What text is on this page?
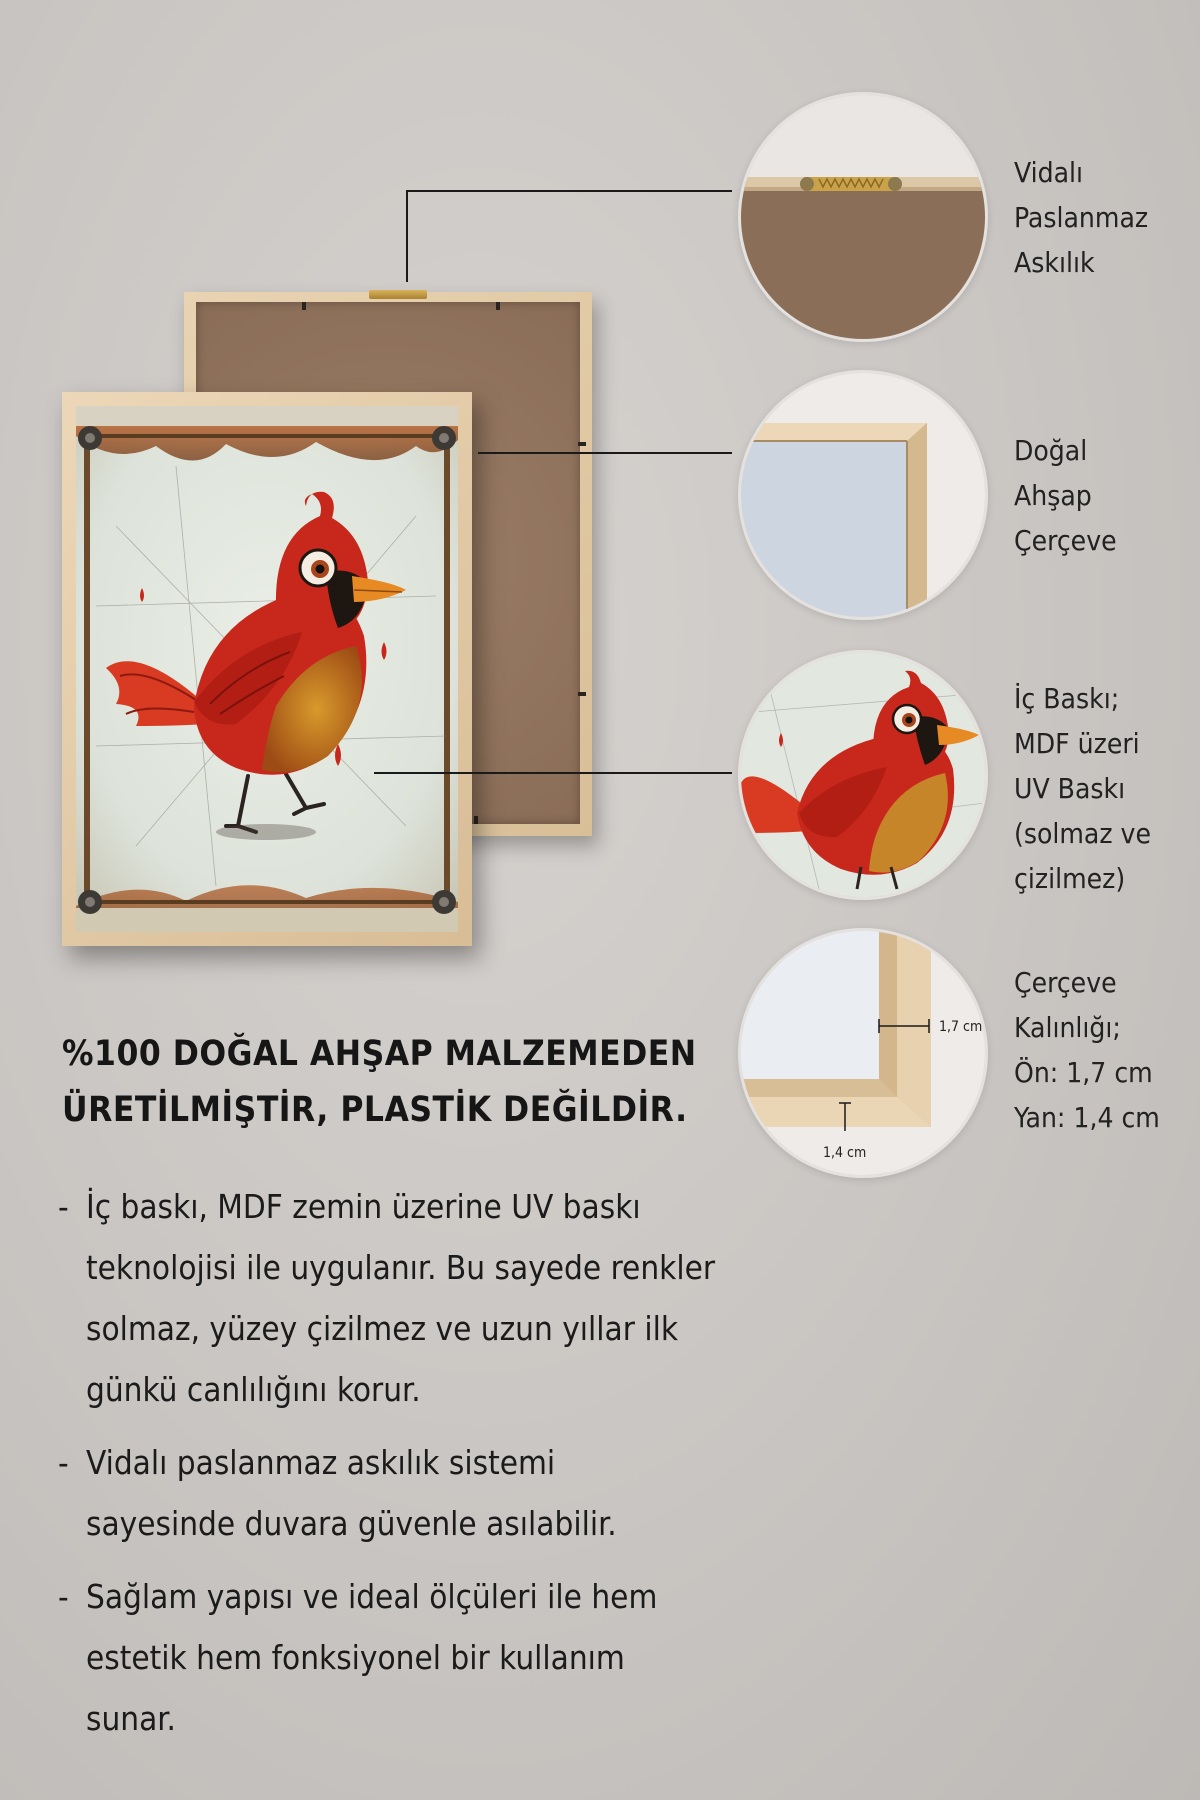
Vidalı
Paslanmaz
Askılık
Doğal
Ahşap
Çerçeve
İç Baskı;
MDF üzeri
UV Baskı
(solmaz ve
çizilmez)
1,7 cm
1,4 cm
Çerçeve
Kalınlığı;
Ön: 1,7 cm
Yan: 1,4 cm
%100 DOĞAL AHŞAP MALZEMEDEN
ÜRETİLMİŞTİR, PLASTİK DEĞİLDİR.
- İç baskı, MDF zemin üzerine UV baskı
teknolojisi ile uygulanır. Bu sayede renkler
solmaz, yüzey çizilmez ve uzun yıllar ilk
günkü canlılığını korur.
- Vidalı paslanmaz askılık sistemi
sayesinde duvara güvenle asılabilir.
- Sağlam yapısı ve ideal ölçüleri ile hem
estetik hem fonksiyonel bir kullanım
sunar.
